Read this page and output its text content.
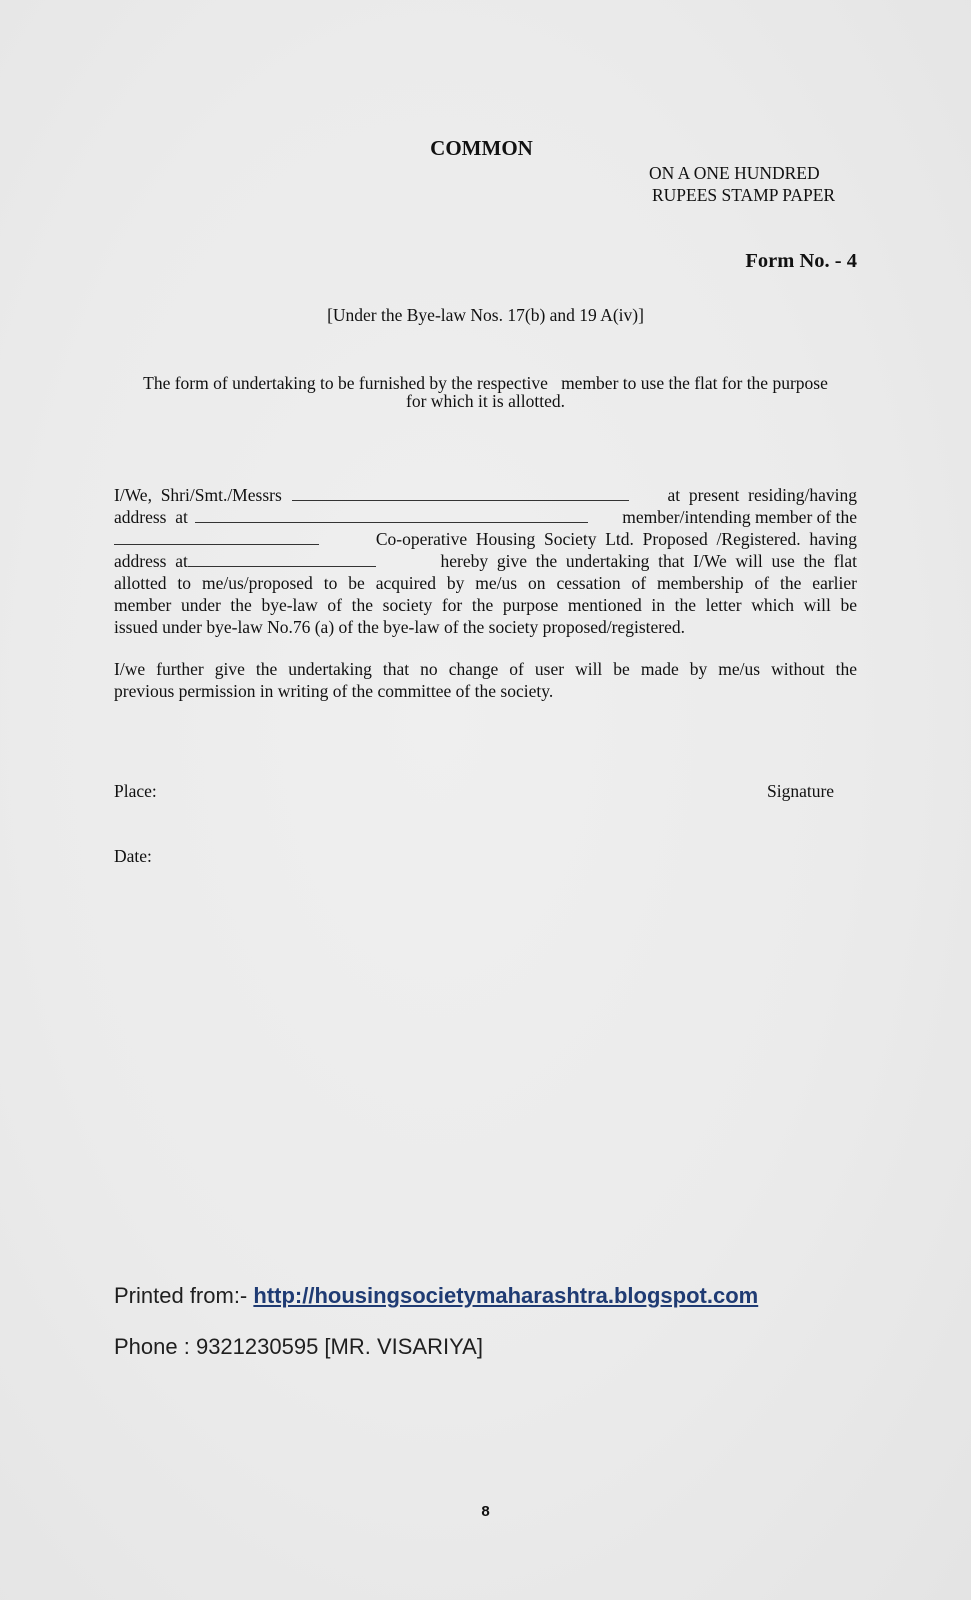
COMMON
ON A ONE HUNDRED
RUPEES STAMP PAPER
Form No. - 4
[Under the Bye-law Nos. 17(b) and 19 A(iv)]
The form of undertaking to be furnished by the respective   member to use the flat for the purpose
for which it is allotted.
I/We,  Shri/Smt./Messrs	at  present  residing/having
address  at	member/intending member of the
Co-operative  Housing  Society  Ltd.  Proposed  /Registered.  having
address  at	hereby  give  the  undertaking  that  I/We  will  use  the  flat
allotted to me/us/proposed to be acquired by me/us on cessation of membership of the earlier
member under the bye-law of the society for the purpose mentioned in the letter which will be
issued under bye-law No.76 (a) of the bye-law of the society proposed/registered.
I/we further give the undertaking that no change of user will be made by me/us without the
previous permission in writing of the committee of the society.
Place:	Signature
Date:
Printed from:- http://housingsocietymaharashtra.blogspot.com
Phone : 9321230595 [MR. VISARIYA]
8
